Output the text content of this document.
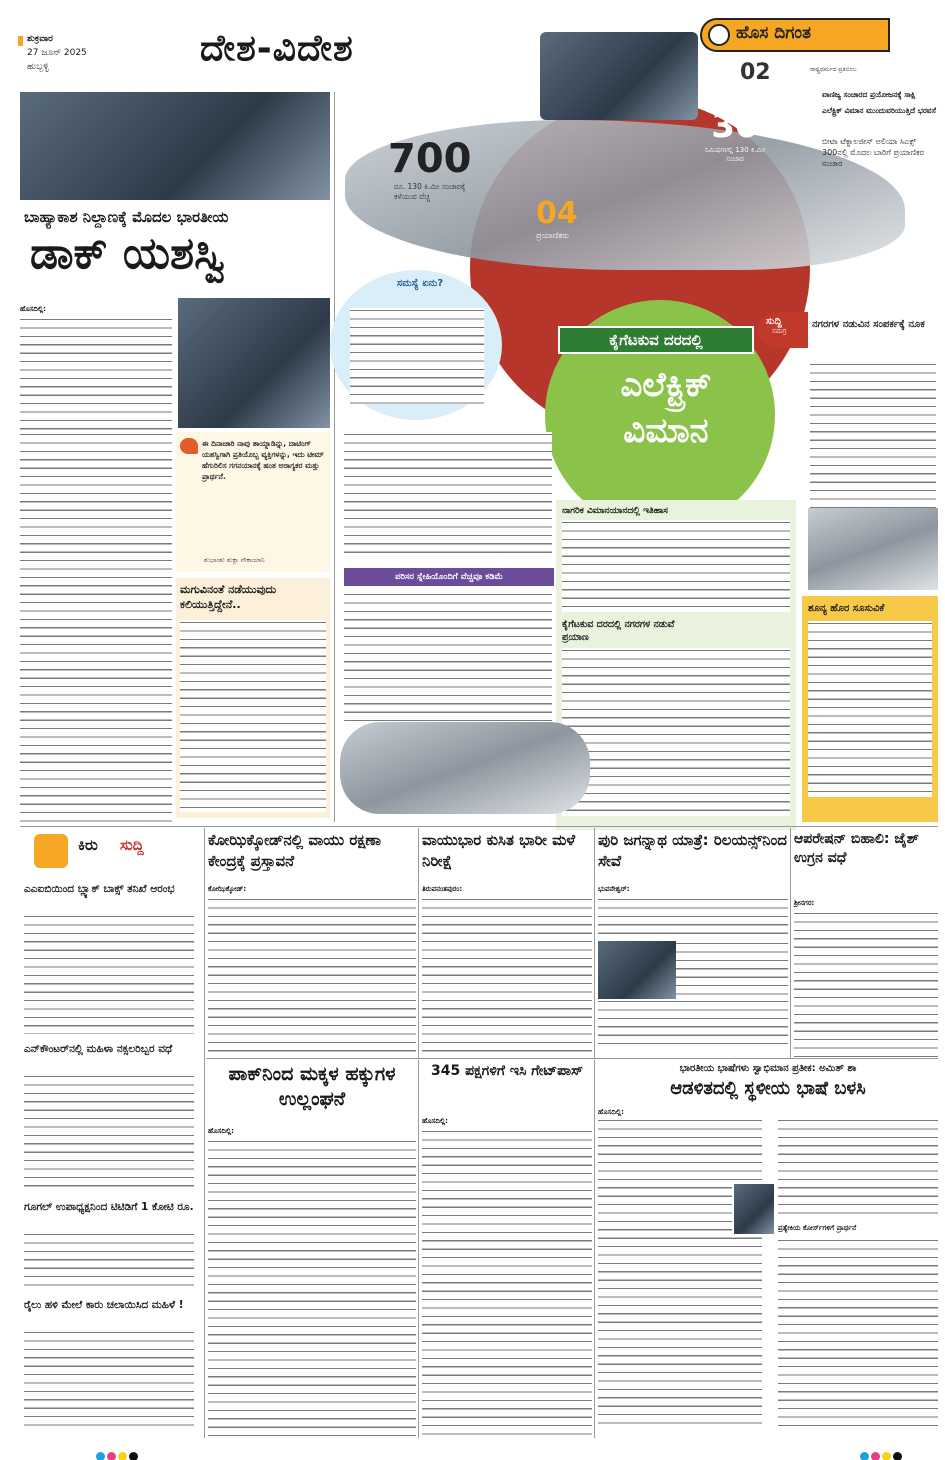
ಶುಕ್ರವಾರ
27 ಜೂನ್ 2025
ಹುಬ್ಬಳ್ಳಿ	ದೇಶ-ವಿದೇಶ	ಹೊಸ ದಿಗಂತ
02	ರಾಷ್ಟ್ರಧರ್ಮದ ಪ್ರತಿಬಿಂಬ
ಬಾಹ್ಯಾಕಾಶ ನಿಲ್ದಾಣಕ್ಕೆ ಮೊದಲ ಭಾರತೀಯ
ಡಾಕ್ ಯಶಸ್ವಿ
ಹೊಸದಿಲ್ಲಿ:
ಈ ದಿನಾಚಾರಿ ನಾವು ತಾಯ್ನಾಡಿನ್ನು, ದಾಟಿಂಗ್ ಯಶಸ್ವಿಗಾಗಿ ಪ್ರತಿಯೊಬ್ಬ ವ್ಯಕ್ತಿಗಳನ್ನು, ಇದು ಟೀಮ್ ಹೆಗುರಿಲಿಸ ಗಗನಯಾನಕ್ಕೆ ಹಂತ ಅರಾಗ್ಯಕರ ಮತ್ತು ಪ್ರಾರ್ಥನೆ.
ಶುಭಾಂಶು ಶುಕ್ಲಾ ನೌಕಾಯಾನಿ
ಮಗುವಿನಂತೆ ನಡೆಯುವುದು ಕಲಿಯುತ್ತಿದ್ದೇನೆ..
700
ರೂ. 130 ಕಿ.ಮೀ ಸಂಚಾರಕ್ಕೆ ಕಳೆಯುವ ವೆಚ್ಚ	04
ಪ್ರಯಾಣಿಕರು
30
ನಿಮಿಷಗಳಲ್ಲಿ 130 ಕಿ.ಮೀ ಸಂಚಾರ
ವಾಣಿಜ್ಯ ಸಂಚಾರದ ಪ್ರಯೋಜನಕ್ಕೆ ಸಾಕ್ಷಿ
ಎಲೆಕ್ಟ್ರಿಕ್ ವಿಮಾನ ಮುಂದುವರಿಯುತ್ತಿದೆ ಭರವಸೆ
ಬೀಟಾ ಟೆಕ್ನಾಲಜೀಸ್ ಅಲಿಯಾ ಸಿಎಕ್ಸ್ 300ನಲ್ಲಿ ಮೊದಲ ಬಾರಿಗೆ ಪ್ರಯಾಣಿಕರ ಸಂಚಾರ
ಸಮಸ್ಯೆ ಏನು?
ಕೈಗೆಟಕುವ ದರದಲ್ಲಿ
ಎಲೆಕ್ಟ್ರಿಕ್
ವಿಮಾನ
ಸುದ್ದಿ
ಸಮಗ್ರ
ನಗರಗಳ ನಡುವಿನ ಸಂಪರ್ಕಕ್ಕೆ ನೂಕ
ನಾಗರಿಕ ವಿಮಾನಯಾನದಲ್ಲಿ ಇತಿಹಾಸ
ಕೈಗೆಟಕುವ ದರದಲ್ಲಿ ನಗರಗಳ ನಡುವೆ ಪ್ರಯಾಣ
ಪರಿಸರ ಸ್ನೇಹಿಯೊಂದಿಗೆ ವೆಚ್ಚವೂ ಕಡಿಮೆ
ಶೂನ್ಯ ಹೊರ ಸೂಸುವಿಕೆ
ಕಿರು ಸುದ್ದಿ
ಎಎಐಬಿಯಿಂದ ಬ್ಲ್ಯಾಕ್ ಬಾಕ್ಸ್ ತನಿಖೆ ಆರಂಭ
ಎನ್‌ಕೌಂಟರ್‌ನಲ್ಲಿ ಮಹಿಳಾ ನಕ್ಸಲರಿಬ್ಬರ ವಧೆ
ಗೂಗಲ್ ಉಪಾಧ್ಯಕ್ಷನಿಂದ ಟಿಟಿಡಿಗೆ 1 ಕೋಟಿ ರೂ.
ರೈಲು ಹಳಿ ಮೇಲೆ ಕಾರು ಚಲಾಯಿಸಿದ ಮಹಿಳೆ !
ಕೋಝಿಕ್ಕೋಡ್‌ನಲ್ಲಿ ವಾಯು ರಕ್ಷಣಾ ಕೇಂದ್ರಕ್ಕೆ ಪ್ರಸ್ತಾವನೆ
ಕೋಝಿಕ್ಕೋಡ್:
ವಾಯುಭಾರ ಕುಸಿತ ಭಾರೀ ಮಳೆ ನಿರೀಕ್ಷೆ
ತಿರುವನಂತಪುರಂ:
ಪುರಿ ಜಗನ್ನಾಥ ಯಾತ್ರೆ: ರಿಲಯನ್ಸ್‌ನಿಂದ ಸೇವೆ
ಭುವನೇಶ್ವರ್:
ಆಪರೇಷನ್ ಬಿಹಾಲಿ: ಜೈಶ್ ಉಗ್ರನ ವಧೆ
ಶ್ರೀನಗರ:
ಪಾಕ್‌ನಿಂದ ಮಕ್ಕಳ ಹಕ್ಕುಗಳ ಉಲ್ಲಂಘನೆ
ಹೊಸದಿಲ್ಲಿ:
345 ಪಕ್ಷಗಳಿಗೆ ಇಸಿ ಗೇಟ್‌ಪಾಸ್
ಹೊಸದಿಲ್ಲಿ:
ಭಾರತೀಯ ಭಾಷೆಗಳು ಸ್ವಾಭಿಮಾನ ಪ್ರತೀಕ: ಅಮಿತ್ ಶಾ
ಆಡಳಿತದಲ್ಲಿ ಸ್ಥಳೀಯ ಭಾಷೆ ಬಳಸಿ
ಹೊಸದಿಲ್ಲಿ:
ಪ್ರತ್ಯೇಕಿಯ ಕೋರ್ಸ್‌ಗಳಿಗೆ ಪ್ರಾರ್ಥನೆ
